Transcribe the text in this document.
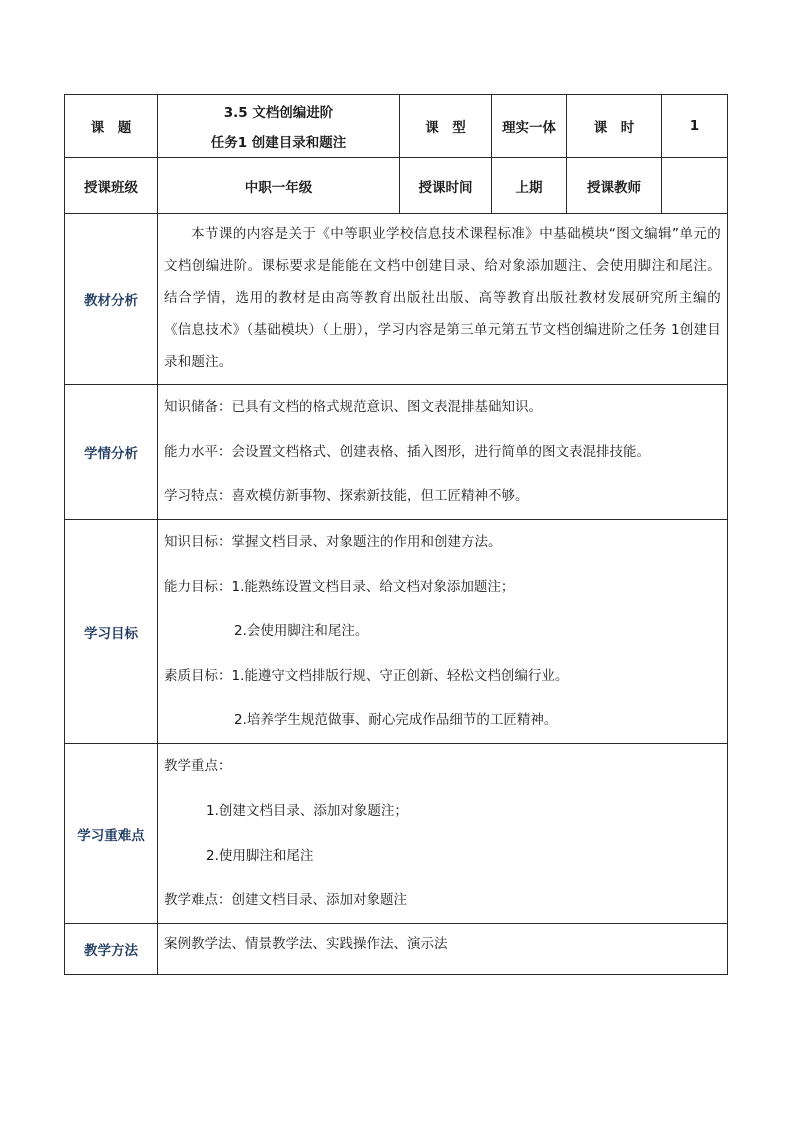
课　题	3.5 文档创编进阶
任务1 创建目录和题注	课　型	理实一体	课　时	1
授课班级	中职一年级	授课时间	上期	授课教师	
教材分析	本节课的内容是关于《中等职业学校信息技术课程标准》中基础模块“图文编辑”单元的文档创编进阶。课标要求是能能在文档中创建目录、给对象添加题注、会使用脚注和尾注。结合学情，选用的教材是由高等教育出版社出版、高等教育出版社教材发展研究所主编的《信息技术》（基础模块）（上册），学习内容是第三单元第五节文档创编进阶之任务 1创建目录和题注。				

学情分析	知识储备：已具有文档的格式规范意识、图文表混排基础知识。
能力水平：会设置文档格式、创建表格、插入图形，进行简单的图文表混排技能。
学习特点：喜欢模仿新事物、探索新技能，但工匠精神不够。				

学习目标	知识目标：掌握文档目录、对象题注的作用和创建方法。
能力目标：1.能熟练设置文档目录、给文档对象添加题注；
2.会使用脚注和尾注。
素质目标：1.能遵守文档排版行规、守正创新、轻松文档创编行业。
2.培养学生规范做事、耐心完成作品细节的工匠精神。				

学习重难点	教学重点：
1.创建文档目录、添加对象题注；
2.使用脚注和尾注
教学难点：创建文档目录、添加对象题注				

教学方法	案例教学法、情景教学法、实践操作法、演示法				
